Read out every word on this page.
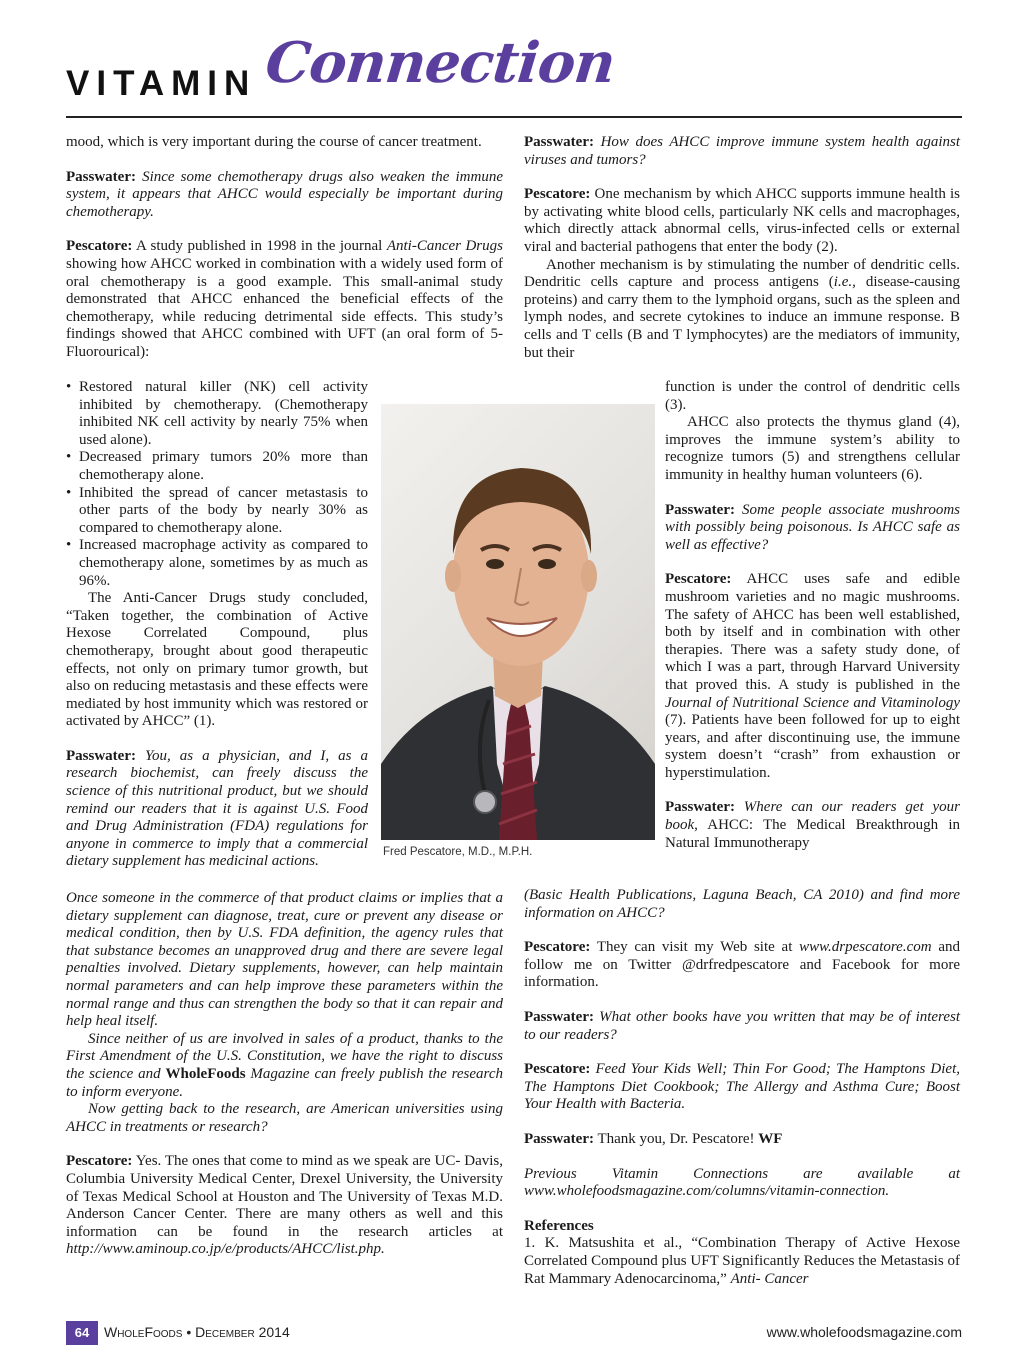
VITAMIN Connection

mood, which is very important during the course of cancer treatment.

Passwater: Since some chemotherapy drugs also weaken the immune system, it appears that AHCC would especially be important during chemotherapy.

Pescatore: A study published in 1998 in the journal Anti-Cancer Drugs showing how AHCC worked in combination with a widely used form of oral chemotherapy is a good example. This small-animal study demonstrated that AHCC enhanced the beneficial effects of the chemotherapy, while reducing detrimental side effects. This study’s findings showed that AHCC combined with UFT (an oral form of 5-Fluorourical):

• Restored natural killer (NK) cell activity inhibited by chemotherapy. (Chemotherapy inhibited NK cell activity by nearly 75% when used alone).
• Decreased primary tumors 20% more than chemotherapy alone.
• Inhibited the spread of cancer metastasis to other parts of the body by nearly 30% as compared to chemotherapy alone.
• Increased macrophage activity as compared to chemotherapy alone, sometimes by as much as 96%.

The Anti-Cancer Drugs study concluded, “Taken together, the combination of Active Hexose Correlated Compound, plus chemotherapy, brought about good therapeutic effects, not only on primary tumor growth, but also on reducing metastasis and these effects were mediated by host immunity which was restored or activated by AHCC” (1).

Passwater: You, as a physician, and I, as a research biochemist, can freely discuss the science of this nutritional product, but we should remind our readers that it is against U.S. Food and Drug Administration (FDA) regulations for anyone in commerce to imply that a commercial dietary supplement has medicinal actions.

Once someone in the commerce of that product claims or implies that a dietary supplement can diagnose, treat, cure or prevent any disease or medical condition, then by U.S. FDA definition, the agency rules that that substance becomes an unapproved drug and there are severe legal penalties involved. Dietary supplements, however, can help maintain normal parameters and can help improve these parameters within the normal range and thus can strengthen the body so that it can repair and help heal itself.

Since neither of us are involved in sales of a product, thanks to the First Amendment of the U.S. Constitution, we have the right to discuss the science and WholeFoods Magazine can freely publish the research to inform everyone.

Now getting back to the research, are American universities using AHCC in treatments or research?

Pescatore: Yes. The ones that come to mind as we speak are UC- Davis, Columbia University Medical Center, Drexel University, the University of Texas Medical School at Houston and The University of Texas M.D. Anderson Cancer Center. There are many others as well and this information can be found in the research articles at http://www.aminoup.co.jp/e/products/AHCC/list.php.

Fred Pescatore, M.D., M.P.H.

Passwater: How does AHCC improve immune system health against viruses and tumors?

Pescatore: One mechanism by which AHCC supports immune health is by activating white blood cells, particularly NK cells and macrophages, which directly attack abnormal cells, virus-infected cells or external viral and bacterial pathogens that enter the body (2).

Another mechanism is by stimulating the number of dendritic cells. Dendritic cells capture and process antigens (i.e., disease-causing proteins) and carry them to the lymphoid organs, such as the spleen and lymph nodes, and secrete cytokines to induce an immune response. B cells and T cells (B and T lymphocytes) are the mediators of immunity, but their

function is under the control of dendritic cells (3).

AHCC also protects the thymus gland (4), improves the immune system’s ability to recognize tumors (5) and strengthens cellular immunity in healthy human volunteers (6).

Passwater: Some people associate mushrooms with possibly being poisonous. Is AHCC safe as well as effective?

Pescatore: AHCC uses safe and edible mushroom varieties and no magic mushrooms. The safety of AHCC has been well established, both by itself and in combination with other therapies. There was a safety study done, of which I was a part, through Harvard University that proved this. A study is published in the Journal of Nutritional Science and Vitaminology (7). Patients have been followed for up to eight years, and after discontinuing use, the immune system doesn’t “crash” from exhaustion or hyperstimulation.

Passwater: Where can our readers get your book, AHCC: The Medical Breakthrough in Natural Immunotherapy

(Basic Health Publications, Laguna Beach, CA 2010) and find more information on AHCC?

Pescatore: They can visit my Web site at www.drpescatore.com and follow me on Twitter @drfredpescatore and Facebook for more information.

Passwater: What other books have you written that may be of interest to our readers?

Pescatore: Feed Your Kids Well; Thin For Good; The Hamptons Diet, The Hamptons Diet Cookbook; The Allergy and Asthma Cure; Boost Your Health with Bacteria.

Passwater: Thank you, Dr. Pescatore! WF

Previous Vitamin Connections are available at www.wholefoodsmagazine.com/columns/vitamin-connection.

References

1. K. Matsushita et al., “Combination Therapy of Active Hexose Correlated Compound plus UFT Significantly Reduces the Metastasis of Rat Mammary Adenocarcinoma,” Anti- Cancer

64	WholeFoods • December 2014	www.wholefoodsmagazine.com
